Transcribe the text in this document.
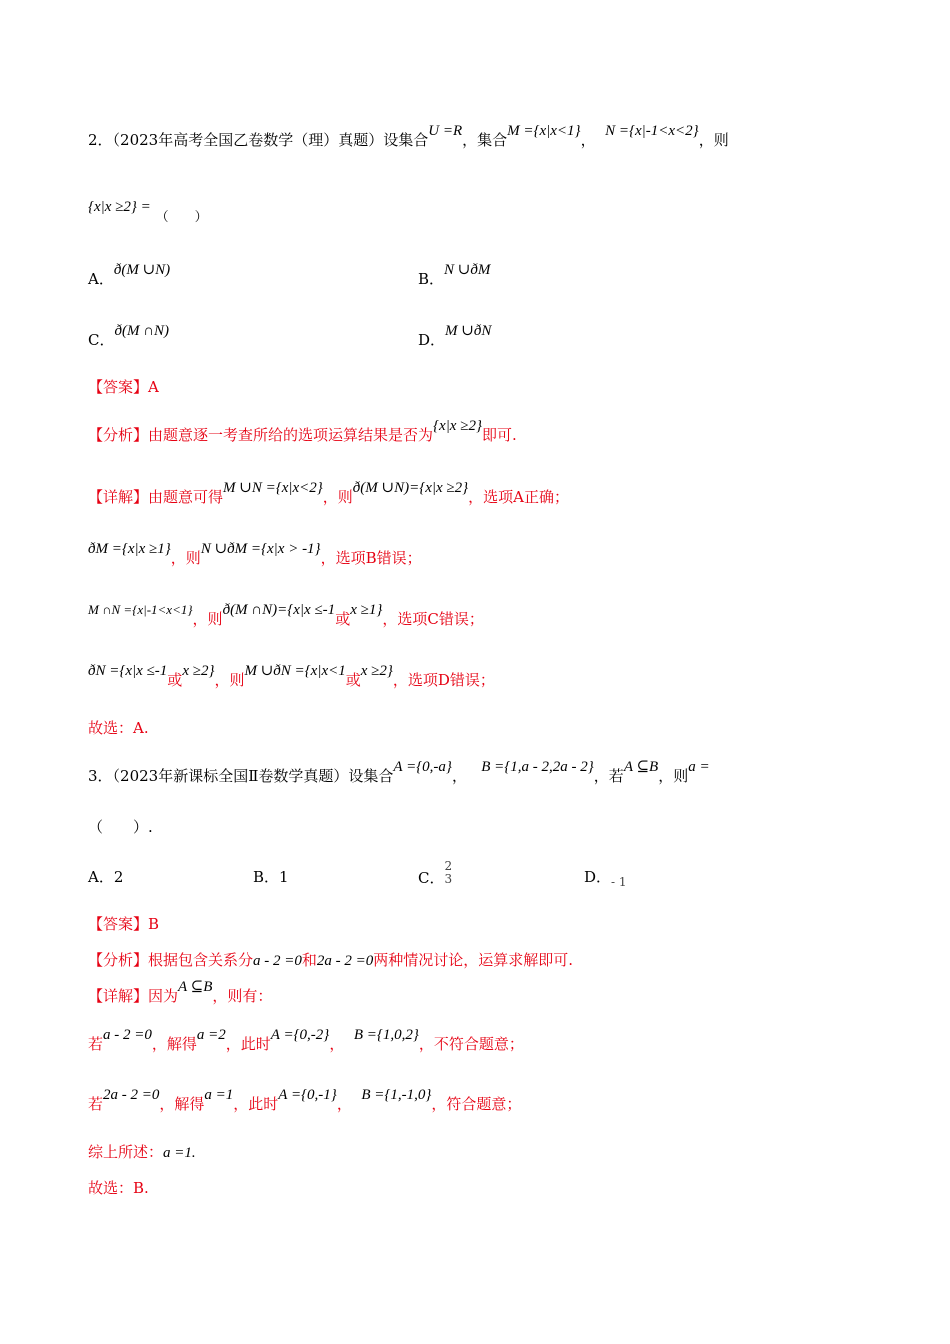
2．（2023年高考全国乙卷数学（理）真题）设集合U =R，集合M ={x|x<1}， N ={x|-1<x<2}，则
{x|x ≥2} = （　　）
A．ð(M ∪N)	B．N ∪ðM
C．ð(M ∩N)	D．M ∪ðN
【答案】A
【分析】由题意逐一考查所给的选项运算结果是否为{x|x ≥2}即可.
【详解】由题意可得M ∪N ={x|x<2}，则ð(M ∪N)={x|x ≥2}，选项A正确；
ðM ={x|x ≥1}，则N ∪ðM ={x|x > -1}，选项B错误；
M ∩N ={x|-1<x<1}，则ð(M ∩N)={x|x ≤-1或x ≥1}，选项C错误；
ðN ={x|x ≤-1或x ≥2}，则M ∪ðN ={x|x<1或x ≥2}，选项D错误；
故选：A.
3．（2023年新课标全国Ⅱ卷数学真题）设集合A ={0,-a}， B ={1,a - 2,2a - 2}，若A ⊆B，则a =
（　　）.
A．2	B．1	C．
2
3	D．$_{- 1}$
【答案】B
【分析】根据包含关系分a - 2 =0和2a - 2 =0两种情况讨论，运算求解即可.
【详解】因为A ⊆B，则有：
若a - 2 =0，解得a =2，此时A ={0,-2}， B ={1,0,2}，不符合题意；
若2a - 2 =0，解得a =1，此时A ={0,-1}， B ={1,-1,0}，符合题意；
综上所述：a =1.
故选：B.
